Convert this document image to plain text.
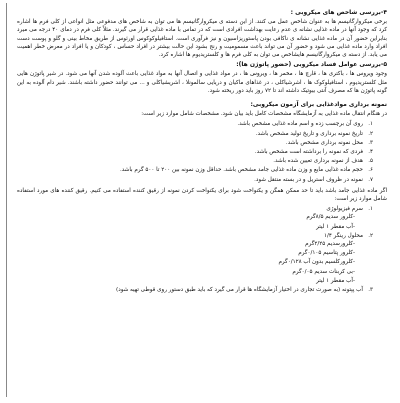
۴-بررسی شاخص های میکروبی :

برخی میکروارگانیسم ها به عنوان شاخص عمل می کنند. از این دسته ی میکروارگانیسم ها می توان به شاخص های مدفوعی مثل انواعی از کلی فرم ها اشاره کرد که وجود آنها در ماده غذایی نشانه ی عدم رعایت بهداشت افرادی است که در تماس با ماده غذایی قرار می گیرند. مثلاً کلی فرم در دمای ۴۰ درجه می میرد بنابراین حضور آن در ماده غذایی نشانه ی ناکافی بودن پاستوریزاسیون و نیز فرآوری است. استافیلوکوکوس اورئوس از طریق مخاط بینی و گلو و پوست دست افراد وارد ماده غذایی می شود و حضور آن می تواند باعث مسمومیت و رنج بشود این حالت بیشتر در افراد حساس ، کودکان و یا افراد در معرض خطر اهمیت می یابد. از دسته ی میکروارگانیسم هایشاخص می توان به کلی فرم ها و کلستریدیوم ها اشاره کرد.

۵-بررسی عوامل فساد میکروبی (حضور پاتوژن ها):

وجود ویروس ها ، باکتری ها ، قارچ ها ، مخمر ها ، ویروس ها ، در مواد غذایی و اتصال آنها به مواد غذایی باعث آلوده شدن آنها می شود. در شیر پاتوژن هایی مثل کلستریدیوم ، استافیلوکوک ها ، اشرشیاکلی ، در غذاهای ماکیان و دریایی سالمونلا ، اشریشیاکلی و ... می توانند حضور داشته باشند. شیر دام آلوده به این گونه پاتوژن ها که مصرف آنتی بیوتیک داشته اند تا ۷۲ روز باید دور ریخته شود.

نمونه برداری موادغذایی برای آزمون میکروبی:

در هنگام انتقال ماده غذایی به آزمایشگاه مشخصات کامل باید بیان شود. مشخصات شامل موارد زیر است:

۱.روی آن برچسب زده و اسم ماده غذایی مشخص باشد.
۲.تاریخ نمونه برداری و تاریخ تولید مشخص باشد.
۳.محل نمونه برداری مشخص باشد.
۴.فردی که نمونه را برداشته است مشخص باشد.
۵.هدف از نمونه برداری تعیین شده باشد.
۶.حجم ماده غذایی مایع و وزن ماده غذایی جامد مشخص باشد. حداقل وزن نمونه بین ۲۰۰ تا ۵۰۰ گرم باشد.
۷.نمونه در ظروف استریل و در بسته منتقل شود.

اگر ماده غذایی جامد باشد باید تا حد ممکن همگن و یکنواخت شود برای یکنواخت کردن نمونه از رقیق کننده استفاده می کنیم. رقیق کننده های مورد استفاده شامل موارد زیر است:

۱.سرم فیزیولوژی
-کلرور سدیم ۸/۵گرم
-آب مقطر ۱ لیتر
۲.محلول رینگر ۱/۴
-کلرورسدیم ۲/۲۵گرم
-کلرور پتاسیم ۰/۱۰۵گرم
-کلرورکلسیم بدون آب ۰/۱۲۸گرم
-بی کربنات سدیم ۰/۰۵گرم
-آب مقطر ۱ لیتر
۳.آب پپتونه (به صورت تجاری در اختیار آزمایشگاه ها قرار می گیرد که باید طبق دستور روی قوطی تهیه شود)
